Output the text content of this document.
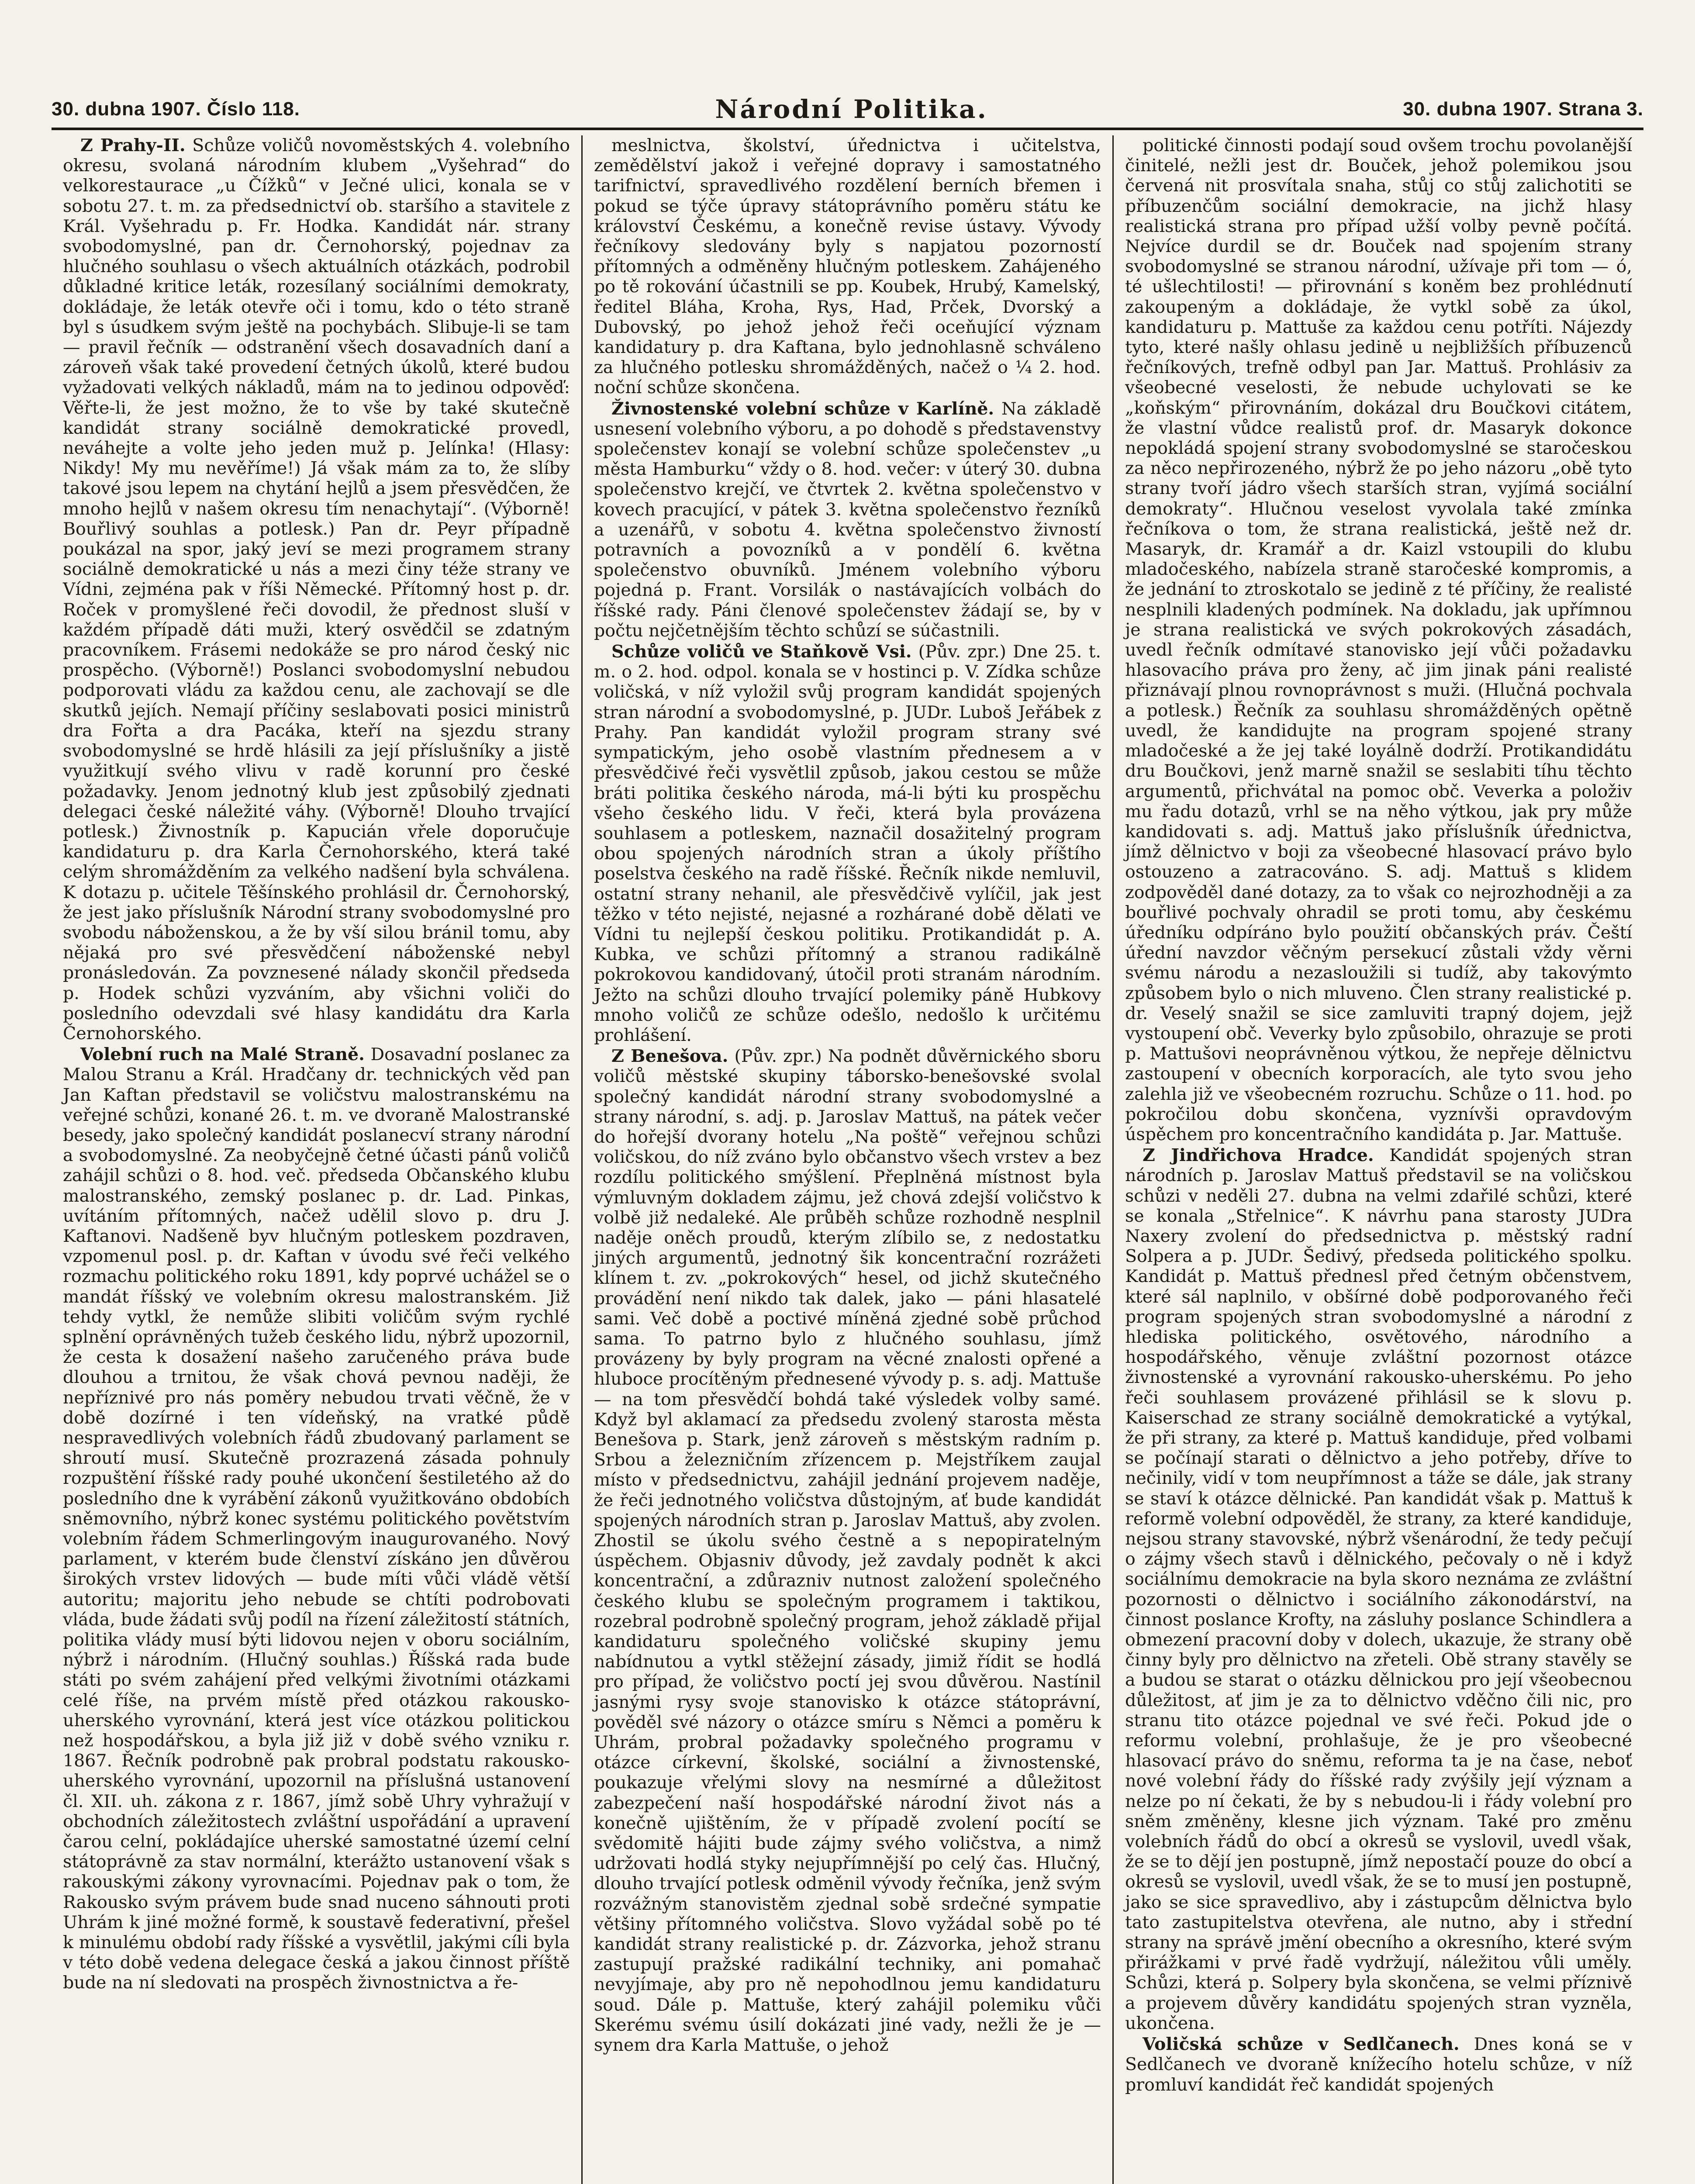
30. dubna 1907. Číslo 118.	Národní Politika.	30. dubna 1907. Strana 3.

Z Prahy-II. Schůze voličů novoměstských 4. volebního okresu, svolaná národním klubem „Vyšehrad“ do velkorestaurace „u Čížků“ v Ječné ulici, konala se v sobotu 27. t. m. za předsednictví ob. staršího a stavitele z Král. Vyšehradu p. Fr. Hodka. Kandidát nár. strany svobodomyslné, pan dr. Černohorský, pojednav za hlučného souhlasu o všech aktuálních otázkách, podrobil důkladné kritice leták, rozesílaný sociálními demokraty, dokládaje, že leták otevře oči i tomu, kdo o této straně byl s úsudkem svým ještě na pochybách. Slibuje-li se tam — pravil řečník — odstranění všech dosavadních daní a zároveň však také provedení četných úkolů, které budou vyžadovati velkých nákladů, mám na to jedinou odpověď: Věřte-li, že jest možno, že to vše by také skutečně kandidát strany sociálně demokratické provedl, neváhejte a volte jeho jeden muž p. Jelínka! (Hlasy: Nikdy! My mu nevěříme!) Já však mám za to, že slíby takové jsou lepem na chytání hejlů a jsem přesvědčen, že mnoho hejlů v našem okresu tím nenachytají“. (Výborně! Bouřlivý souhlas a potlesk.) Pan dr. Peyr případně poukázal na spor, jaký jeví se mezi programem strany sociálně demokratické u nás a mezi činy téže strany ve Vídni, zejména pak v říši Německé. Přítomný host p. dr. Roček v promyšlené řeči dovodil, že přednost sluší v každém případě dáti muži, který osvědčil se zdatným pracovníkem. Frásemi nedokáže se pro národ český nic prospěcho. (Výborně!) Poslanci svobodomyslní nebudou podporovati vládu za každou cenu, ale zachovají se dle skutků jejích. Nemají příčiny seslabovati posici ministrů dra Fořta a dra Pacáka, kteří na sjezdu strany svobodomyslné se hrdě hlásili za její příslušníky a jistě využitkují svého vlivu v radě korunní pro české požadavky. Jenom jednotný klub jest způsobilý zjednati delegaci české náležité váhy. (Výborně! Dlouho trvající potlesk.) Živnostník p. Kapucián vřele doporučuje kandidaturu p. dra Karla Černohorského, která také celým shromážděním za velkého nadšení byla schválena. K dotazu p. učitele Těšínského prohlásil dr. Černohorský, že jest jako příslušník Národní strany svobodomyslné pro svobodu náboženskou, a že by vší silou bránil tomu, aby nějaká pro své přesvědčení náboženské nebyl pronásledován. Za povznesené nálady skončil předseda p. Hodek schůzi vyzváním, aby všichni voliči do posledního odevzdali své hlasy kandidátu dra Karla Černohorského.

Volební ruch na Malé Straně. Dosavadní poslanec za Malou Stranu a Král. Hradčany dr. technických věd pan Jan Kaftan představil se voličstvu malostranskému na veřejné schůzi, konané 26. t. m. ve dvoraně Malostranské besedy, jako společný kandidát poslanecví strany národní a svobodomyslné. Za neobyčejně četné účasti pánů voličů zahájil schůzi o 8. hod. več. předseda Občanského klubu malostranského, zemský poslanec p. dr. Lad. Pinkas, uvítáním přítomných, načež udělil slovo p. dru J. Kaftanovi. Nadšeně byv hlučným potleskem pozdraven, vzpomenul posl. p. dr. Kaftan v úvodu své řeči velkého rozmachu politického roku 1891, kdy poprvé uchážel se o mandát říšský ve volebním okresu malostranském. Již tehdy vytkl, že nemůže slibiti voličům svým rychlé splnění oprávněných tužeb českého lidu, nýbrž upozornil, že cesta k dosažení našeho zaručeného práva bude dlouhou a trnitou, že však chová pevnou naději, že nepříznivé pro nás poměry nebudou trvati věčně, že v době dozírné i ten vídeňský, na vratké půdě nespravedlivých volebních řádů zbudovaný parlament se shroutí musí. Skutečně prozrazená zásada pohnuly rozpuštění říšské rady pouhé ukončení šestiletého až do posledního dne k vyrábění zákonů využitkováno obdobích sněmovního, nýbrž konec systému politického povětstvím volebním řádem Schmerlingovým inaugurovaného. Nový parlament, v kterém bude členství získáno jen důvěrou širokých vrstev lidových — bude míti vůči vládě větší autoritu; majoritu jeho nebude se chtíti podrobovati vláda, bude žádati svůj podíl na řízení záležitostí státních, politika vlády musí býti lidovou nejen v oboru sociálním, nýbrž i národním. (Hlučný souhlas.) Říšská rada bude státi po svém zahájení před velkými životními otázkami celé říše, na prvém místě před otázkou rakousko-uherského vyrovnání, která jest více otázkou politickou než hospodářskou, a byla již již v době svého vzniku r. 1867. Řečník podrobně pak probral podstatu rakousko-uherského vyrovnání, upozornil na příslušná ustanovení čl. XII. uh. zákona z r. 1867, jímž sobě Uhry vyhražují v obchodních záležitostech zvláštní uspořádání a upravení čarou celní, pokládajíce uherské samostatné území celní státoprávně za stav normální, kterážto ustanovení však s rakouskými zákony vyrovnacími. Pojednav pak o tom, že Rakousko svým právem bude snad nuceno sáhnouti proti Uhrám k jiné možné formě, k soustavě federativní, přešel k minulému období rady říšské a vysvětlil, jakými cíli byla v této době vedena delegace česká a jakou činnost příště bude na ní sledovati na prospěch živnostnictva a ře-

meslnictva, školství, úřednictva i učitelstva, zemědělství jakož i veřejné dopravy i samostatného tarifnictví, spravedlivého rozdělení berních břemen i pokud se týče úpravy státoprávního poměru státu ke království Českému, a konečně revise ústavy. Vývody řečníkovy sledovány byly s napjatou pozorností přítomných a odměněny hlučným potleskem. Zahájeného po tě rokování účastnili se pp. Koubek, Hrubý, Kamelský, ředitel Bláha, Kroha, Rys, Had, Prček, Dvorský a Dubovský, po jehož jehož řeči oceňující význam kandidatury p. dra Kaftana, bylo jednohlasně schváleno za hlučného potlesku shromážděných, načež o ¼ 2. hod. noční schůze skončena.

Živnostenské volební schůze v Karlíně. Na základě usnesení volebního výboru, a po dohodě s představenstvy společenstev konají se volební schůze společenstev „u města Hamburku“ vždy o 8. hod. večer: v úterý 30. dubna společenstvo krejčí, ve čtvrtek 2. května společenstvo v kovech pracující, v pátek 3. května společenstvo řezníků a uzenářů, v sobotu 4. května společenstvo živností potravních a povozníků a v pondělí 6. května společenstvo obuvníků. Jménem volebního výboru pojedná p. Frant. Vorsilák o nastávajících volbách do říšské rady. Páni členové společenstev žádají se, by v počtu nejčetnějším těchto schůzí se súčastnili.

Schůze voličů ve Staňkově Vsi. (Pův. zpr.) Dne 25. t. m. o 2. hod. odpol. konala se v hostinci p. V. Zídka schůze voličská, v níž vyložil svůj program kandidát spojených stran národní a svobodomyslné, p. JUDr. Luboš Jeřábek z Prahy. Pan kandidát vyložil program strany své sympatickým, jeho osobě vlastním přednesem a v přesvědčivé řeči vysvětlil způsob, jakou cestou se může bráti politika českého národa, má-li býti ku prospěchu všeho českého lidu. V řeči, která byla provázena souhlasem a potleskem, naznačil dosažitelný program obou spojených národních stran a úkoly příštího poselstva českého na radě říšské. Řečník nikde nemluvil, ostatní strany nehanil, ale přesvědčivě vylíčil, jak jest těžko v této nejisté, nejasné a rozhárané době dělati ve Vídni tu nejlepší českou politiku. Protikandidát p. A. Kubka, ve schůzi přítomný a stranou radikálně pokrokovou kandidovaný, útočil proti stranám národním. Ježto na schůzi dlouho trvající polemiky páně Hubkovy mnoho voličů ze schůze odešlo, nedošlo k určitému prohlášení.

Z Benešova. (Pův. zpr.) Na podnět důvěrnického sboru voličů městské skupiny táborsko-benešovské svolal společný kandidát národní strany svobodomyslné a strany národní, s. adj. p. Jaroslav Mattuš, na pátek večer do hořejší dvorany hotelu „Na poště“ veřejnou schůzi voličskou, do níž zváno bylo občanstvo všech vrstev a bez rozdílu politického smýšlení. Přeplněná místnost byla výmluvným dokladem zájmu, jež chová zdejší voličstvo k volbě již nedaleké. Ale průběh schůze rozhodně nesplnil naděje oněch proudů, kterým zlíbilo se, z nedostatku jiných argumentů, jednotný šik koncentrační rozrážeti klínem t. zv. „pokrokových“ hesel, od jichž skutečného provádění není nikdo tak dalek, jako — páni hlasatelé sami. Več době a poctivé míněná zjedné sobě průchod sama. To patrno bylo z hlučného souhlasu, jímž provázeny by byly program na věcné znalosti opřené a hluboce procítěným přednesené vývody p. s. adj. Mattuše — na tom přesvědčí bohdá také výsledek volby samé. Když byl aklamací za předsedu zvolený starosta města Benešova p. Stark, jenž zároveň s městským radním p. Srbou a železničním zřízencem p. Mejstříkem zaujal místo v předsednictvu, zahájil jednání projevem naděje, že řeči jednotného voličstva důstojným, ať bude kandidát spojených národních stran p. Jaroslav Mattuš, aby zvolen. Zhostil se úkolu svého čestně a s nepopiratelným úspěchem. Objasniv důvody, jež zavdaly podnět k akci koncentrační, a zdůrazniv nutnost založení společného českého klubu se společným programem i taktikou, rozebral podrobně společný program, jehož základě přijal kandidaturu společného voličské skupiny jemu nabídnutou a vytkl stěžejní zásady, jimiž řídit se hodlá pro případ, že voličstvo poctí jej svou důvěrou. Nastínil jasnými rysy svoje stanovisko k otázce státoprávní, pověděl své názory o otázce smíru s Němci a poměru k Uhrám, probral požadavky společného programu v otázce církevní, školské, sociální a živnostenské, poukazuje vřelými slovy na nesmírné a důležitost zabezpečení naší hospodářské národní život nás a konečně ujištěním, že v případě zvolení pocítí se svědomitě hájiti bude zájmy svého voličstva, a nimž udržovati hodlá styky nejupřímnější po celý čas. Hlučný, dlouho trvající potlesk odměnil vývody řečníka, jenž svým rozvážným stanovistěm zjednal sobě srdečné sympatie většiny přítomného voličstva. Slovo vyžádal sobě po té kandidát strany realistické p. dr. Zázvorka, jehož stranu zastupují pražské radikální techniky, ani pomahač nevyjímaje, aby pro ně nepohodlnou jemu kandidaturu soud. Dále p. Mattuše, který zahájil polemiku vůči Skerému svému úsilí dokázati jiné vady, nežli že je — synem dra Karla Mattuše, o jehož

politické činnosti podají soud ovšem trochu povolanější činitelé, nežli jest dr. Bouček, jehož polemikou jsou červená nit prosvítala snaha, stůj co stůj zalichotiti se příbuzenčům sociální demokracie, na jichž hlasy realistická strana pro případ užší volby pevně počítá. Nejvíce durdil se dr. Bouček nad spojením strany svobodomyslné se stranou národní, užívaje při tom — ó, té ušlechtilosti! — přirovnání s koněm bez prohlédnutí zakoupeným a dokládaje, že vytkl sobě za úkol, kandidaturu p. Mattuše za každou cenu potříti. Nájezdy tyto, které našly ohlasu jedině u nejbližších příbuzenců řečníkových, trefně odbyl pan Jar. Mattuš. Prohlásiv za všeobecné veselosti, že nebude uchylovati se ke „koňským“ přirovnáním, dokázal dru Boučkovi citátem, že vlastní vůdce realistů prof. dr. Masaryk dokonce nepokládá spojení strany svobodomyslné se staročeskou za něco nepřirozeného, nýbrž že po jeho názoru „obě tyto strany tvoří jádro všech starších stran, vyjímá sociální demokraty“. Hlučnou veselost vyvolala také zmínka řečníkova o tom, že strana realistická, ještě než dr. Masaryk, dr. Kramář a dr. Kaizl vstoupili do klubu mladočeského, nabízela straně staročeské kompromis, a že jednání to ztroskotalo se jedině z té příčiny, že realisté nesplnili kladených podmínek. Na dokladu, jak upřímnou je strana realistická ve svých pokrokových zásadách, uvedl řečník odmítavé stanovisko její vůči požadavku hlasovacího práva pro ženy, ač jim jinak páni realisté přiznávají plnou rovnoprávnost s muži. (Hlučná pochvala a potlesk.) Řečník za souhlasu shromážděných opětně uvedl, že kandidujte na program spojené strany mladočeské a že jej také loyálně dodrží. Protikandidátu dru Boučkovi, jenž marně snažil se seslabiti tíhu těchto argumentů, přichvátal na pomoc obč. Veverka a položiv mu řadu dotazů, vrhl se na něho výtkou, jak pry může kandidovati s. adj. Mattuš jako příslušník úřednictva, jímž dělnictvo v boji za všeobecné hlasovací právo bylo ostouzeno a zatracováno. S. adj. Mattuš s klidem zodpověděl dané dotazy, za to však co nejrozhodněji a za bouřlivé pochvaly ohradil se proti tomu, aby českému úředníku odpíráno bylo použití občanských práv. Čeští úřední navzdor věčným persekucí zůstali vždy věrni svému národu a nezasloužili si tudíž, aby takovýmto způsobem bylo o nich mluveno. Člen strany realistické p. dr. Veselý snažil se sice zamluviti trapný dojem, jejž vystoupení obč. Veverky bylo způsobilo, ohrazuje se proti p. Mattušovi neoprávněnou výtkou, že nepřeje dělnictvu zastoupení v obecních korporacích, ale tyto svou jeho zalehla již ve všeobecném rozruchu. Schůze o 11. hod. po pokročilou dobu skončena, vyznívši opravdovým úspěchem pro koncentračního kandidáta p. Jar. Mattuše.

Z Jindřichova Hradce. Kandidát spojených stran národních p. Jaroslav Mattuš představil se na voličskou schůzi v neděli 27. dubna na velmi zdařilé schůzi, které se konala „Střelnice“. K návrhu pana starosty JUDra Naxery zvolení do předsednictva p. městský radní Solpera a p. JUDr. Šedivý, předseda politického spolku. Kandidát p. Mattuš přednesl před četným občenstvem, které sál naplnilo, v obšírné době podporovaného řeči program spojených stran svobodomyslné a národní z hlediska politického, osvětového, národního a hospodářského, věnuje zvláštní pozornost otázce živnostenské a vyrovnání rakousko-uherskému. Po jeho řeči souhlasem provázené přihlásil se k slovu p. Kaiserschad ze strany sociálně demokratické a vytýkal, že při strany, za které p. Mattuš kandiduje, před volbami se počínají starati o dělnictvo a jeho potřeby, dříve to nečinily, vidí v tom neupřímnost a táže se dále, jak strany se staví k otázce dělnické. Pan kandidát však p. Mattuš k reformě volební odpověděl, že strany, za které kandiduje, nejsou strany stavovské, nýbrž všenárodní, že tedy pečují o zájmy všech stavů i dělnického, pečovaly o ně i když sociálnímu demokracie na byla skoro neznáma ze zvláštní pozornosti o dělnictvo i sociálního zákonodárství, na činnost poslance Krofty, na zásluhy poslance Schindlera a obmezení pracovní doby v dolech, ukazuje, že strany obě činny byly pro dělnictvo na zřeteli. Obě strany stavěly se a budou se starat o otázku dělnickou pro její všeobecnou důležitost, ať jim je za to dělnictvo vděčno čili nic, pro stranu tito otázce pojednal ve své řeči. Pokud jde o reformu volební, prohlašuje, že je pro všeobecné hlasovací právo do sněmu, reforma ta je na čase, neboť nové volební řády do říšské rady zvýšily její význam a nelze po ní čekati, že by s nebudou-li i řády volební pro sněm změněny, klesne jich význam. Také pro změnu volebních řádů do obcí a okresů se vyslovil, uvedl však, že se to dějí jen postupně, jímž nepostačí pouze do obcí a okresů se vyslovil, uvedl však, že se to musí jen postupně, jako se sice spravedlivo, aby i zástupcům dělnictva bylo tato zastupitelstva otevřena, ale nutno, aby i střední strany na správě jmění obecního a okresního, které svým přirážkami v prvé řadě vydržují, náležitou vůli uměly. Schůzi, která p. Solpery byla skončena, se velmi příznivě a projevem důvěry kandidátu spojených stran vyzněla, ukončena.

Voličská schůze v Sedlčanech. Dnes koná se v Sedlčanech ve dvoraně knížecího hotelu schůze, v níž promluví kandidát řeč kandidát spojených
